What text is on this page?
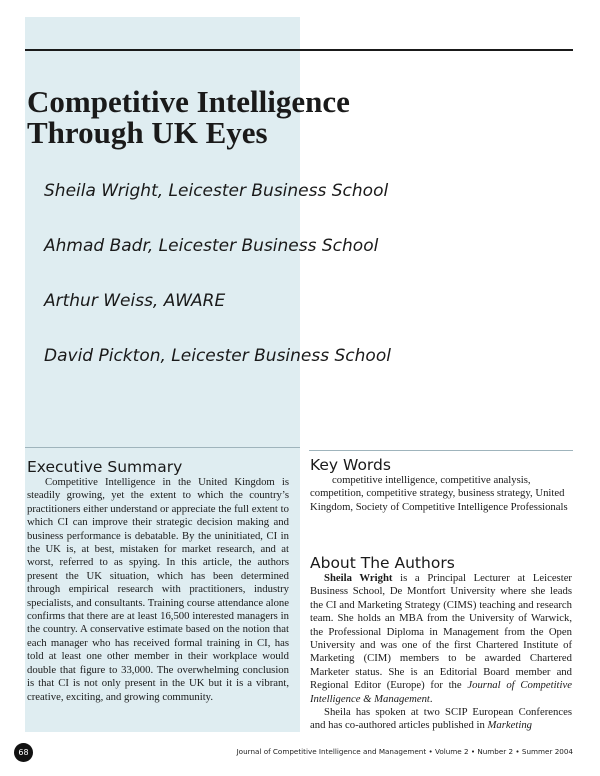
Competitive Intelligence
Through UK Eyes
Sheila Wright, Leicester Business School
Ahmad Badr, Leicester Business School
Arthur Weiss, AWARE
David Pickton, Leicester Business School
Executive Summary

Competitive Intelligence in the United Kingdom is steadily growing, yet the extent to which the country’s practitioners either understand or appreciate the full extent to which CI can improve their strategic decision making and business performance is debatable. By the uninitiated, CI in the UK is, at best, mistaken for market research, and at worst, referred to as spying. In this article, the authors present the UK situation, which has been determined through empirical research with practitioners, industry specialists, and consultants. Training course attendance alone confirms that there are at least 16,500 interested managers in the country. A conservative estimate based on the notion that each manager who has received formal training in CI, has told at least one other member in their workplace would double that figure to 33,000. The overwhelming conclusion is that CI is not only present in the UK but it is a vibrant, creative, exciting, and growing community.

Key Words

competitive intelligence, competitive analysis, competition, competitive strategy, business strategy, United Kingdom, Society of Competitive Intelligence Professionals

About The Authors

Sheila Wright is a Principal Lecturer at Leicester Business School, De Montfort University where she leads the CI and Marketing Strategy (CIMS) teaching and research team. She holds an MBA from the University of Warwick, the Professional Diploma in Management from the Open University and was one of the first Chartered Institute of Marketing (CIM) members to be awarded Chartered Marketer status. She is an Editorial Board member and Regional Editor (Europe) for the Journal of Competitive Intelligence & Management.

Sheila has spoken at two SCIP European Conferences and has co-authored articles published in Marketing

68	Journal of Competitive Intelligence and Management • Volume 2 • Number 2 • Summer 2004
